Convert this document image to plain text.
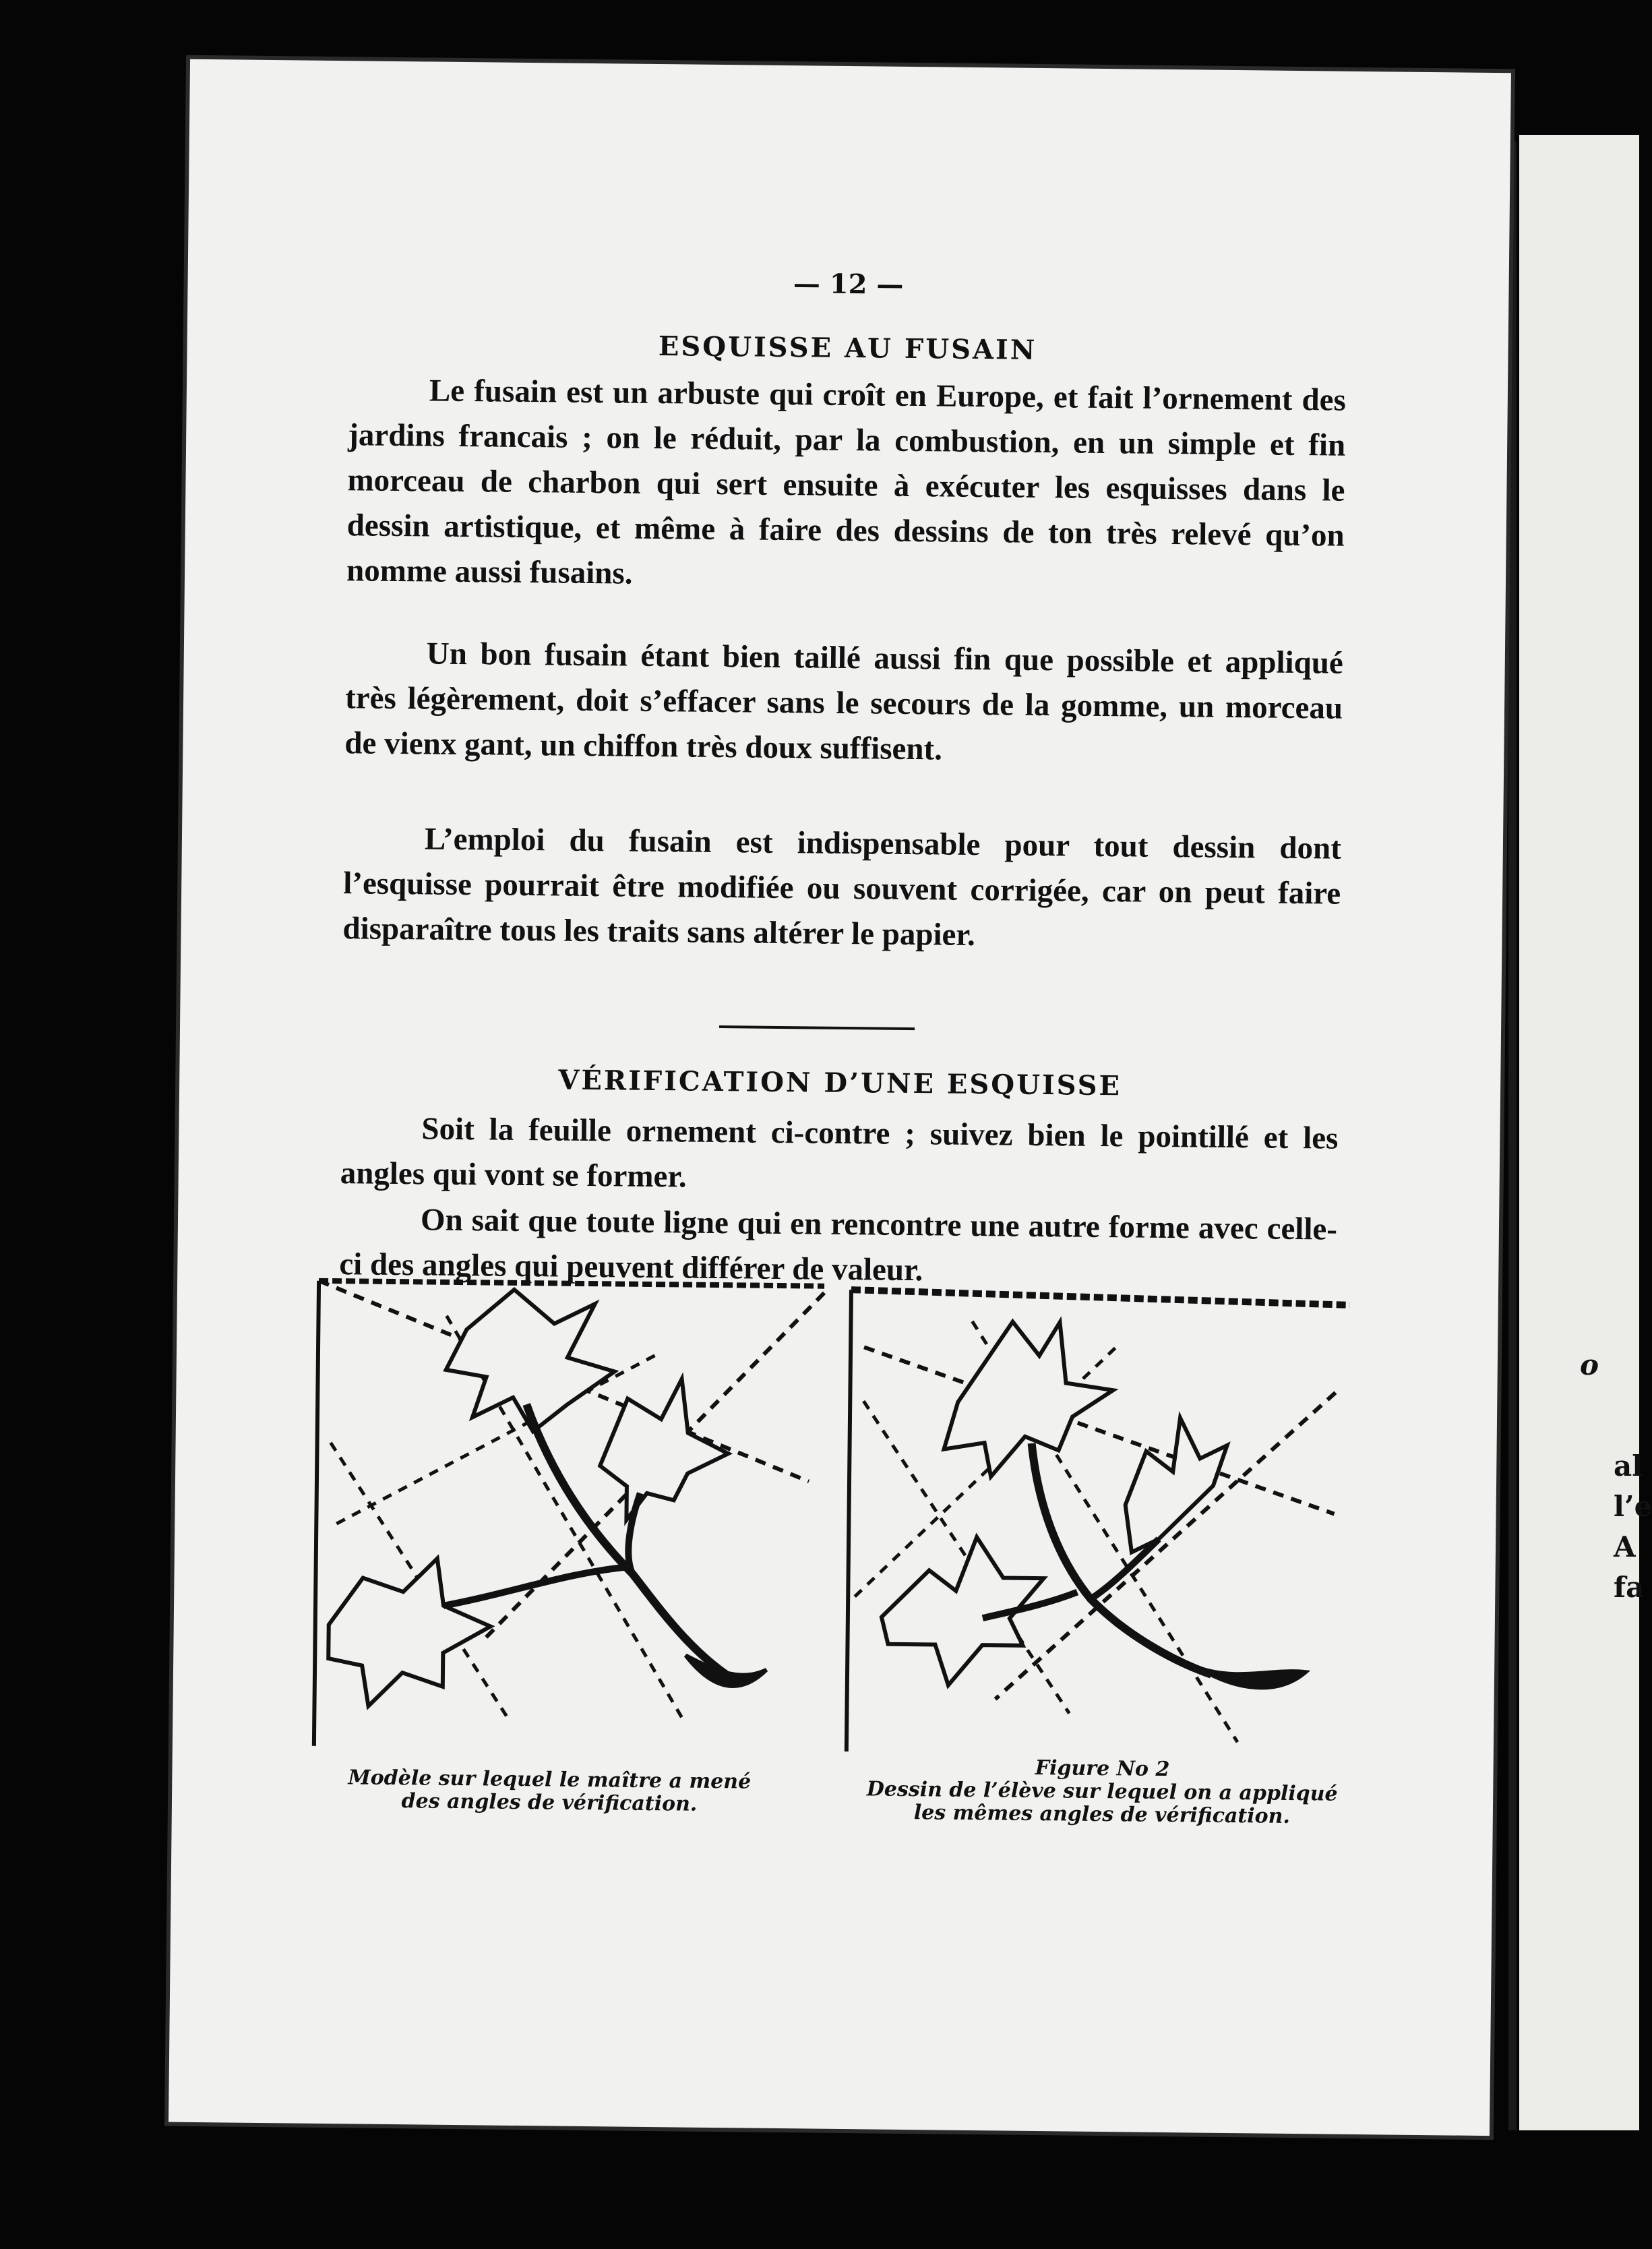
o
al
l’e
A
fa
— 12 —
ESQUISSE AU FUSAIN
Le fusain est un arbuste qui croît en Europe, et fait l’ornement des jardins francais ; on le réduit, par la combustion, en un simple et fin morceau de charbon qui sert ensuite à exécuter les esquisses dans le dessin artistique, et même à faire des dessins de ton très relevé qu’on nomme aussi fusains.
Un bon fusain étant bien taillé aussi fin que possible et appliqué très légèrement, doit s’effacer sans le secours de la gomme, un morceau de vienx gant, un chiffon très doux suffisent.
L’emploi du fusain est indispensable pour tout dessin dont l’esquisse pourrait être modifiée ou souvent corrigée, car on peut faire disparaître tous les traits sans altérer le papier.
VÉRIFICATION D’UNE ESQUISSE
Soit la feuille ornement ci-contre ; suivez bien le pointillé et les angles qui vont se former.
On sait que toute ligne qui en rencontre une autre forme avec celle-ci des angles qui peuvent différer de valeur.
Modèle sur lequel le maître a mené
des angles de vérification.
Figure No 2
Dessin de l’élève sur lequel on a appliqué
les mêmes angles de vérification.
